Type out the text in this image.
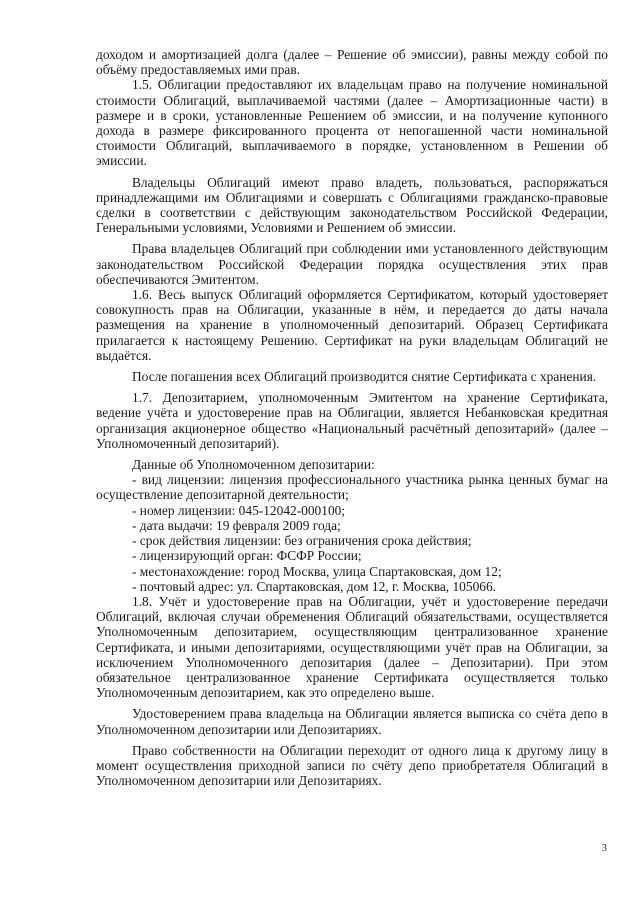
доходом и амортизацией долга (далее – Решение об эмиссии), равны между собой по объёму предоставляемых ими прав.

1.5. Облигации предоставляют их владельцам право на получение номинальной стоимости Облигаций, выплачиваемой частями (далее – Амортизационные части) в размере и в сроки, установленные Решением об эмиссии, и на получение купонного дохода в размере фиксированного процента от непогашенной части номинальной стоимости Облигаций, выплачиваемого в порядке, установленном в Решении об эмиссии.

Владельцы Облигаций имеют право владеть, пользоваться, распоряжаться принадлежащими им Облигациями и совершать с Облигациями гражданско-правовые сделки в соответствии с действующим законодательством Российской Федерации, Генеральными условиями, Условиями и Решением об эмиссии.

Права владельцев Облигаций при соблюдении ими установленного действующим законодательством Российской Федерации порядка осуществления этих прав обеспечиваются Эмитентом.

1.6. Весь выпуск Облигаций оформляется Сертификатом, который удостоверяет совокупность прав на Облигации, указанные в нём, и передается до даты начала размещения на хранение в уполномоченный депозитарий. Образец Сертификата прилагается к настоящему Решению. Сертификат на руки владельцам Облигаций не выдаётся.

После погашения всех Облигаций производится снятие Сертификата с хранения.

1.7. Депозитарием, уполномоченным Эмитентом на хранение Сертификата, ведение учёта и удостоверение прав на Облигации, является Небанковская кредитная организация акционерное общество «Национальный расчётный депозитарий» (далее – Уполномоченный депозитарий).

Данные об Уполномоченном депозитарии:

- вид лицензии: лицензия профессионального участника рынка ценных бумаг на осуществление депозитарной деятельности;

- номер лицензии: 045-12042-000100;

- дата выдачи: 19 февраля 2009 года;

- срок действия лицензии: без ограничения срока действия;

- лицензирующий орган: ФСФР России;

- местонахождение: город Москва, улица Спартаковская, дом 12;

- почтовый адрес: ул. Спартаковская, дом 12, г. Москва, 105066.

1.8. Учёт и удостоверение прав на Облигации, учёт и удостоверение передачи Облигаций, включая случаи обременения Облигаций обязательствами, осуществляется Уполномоченным депозитарием, осуществляющим централизованное хранение Сертификата, и иными депозитариями, осуществляющими учёт прав на Облигации, за исключением Уполномоченного депозитария (далее – Депозитарии). При этом обязательное централизованное хранение Сертификата осуществляется только Уполномоченным депозитарием, как это определено выше.

Удостоверением права владельца на Облигации является выписка со счёта депо в Уполномоченном депозитарии или Депозитариях.

Право собственности на Облигации переходит от одного лица к другому лицу в момент осуществления приходной записи по счёту депо приобретателя Облигаций в Уполномоченном депозитарии или Депозитариях.

3
